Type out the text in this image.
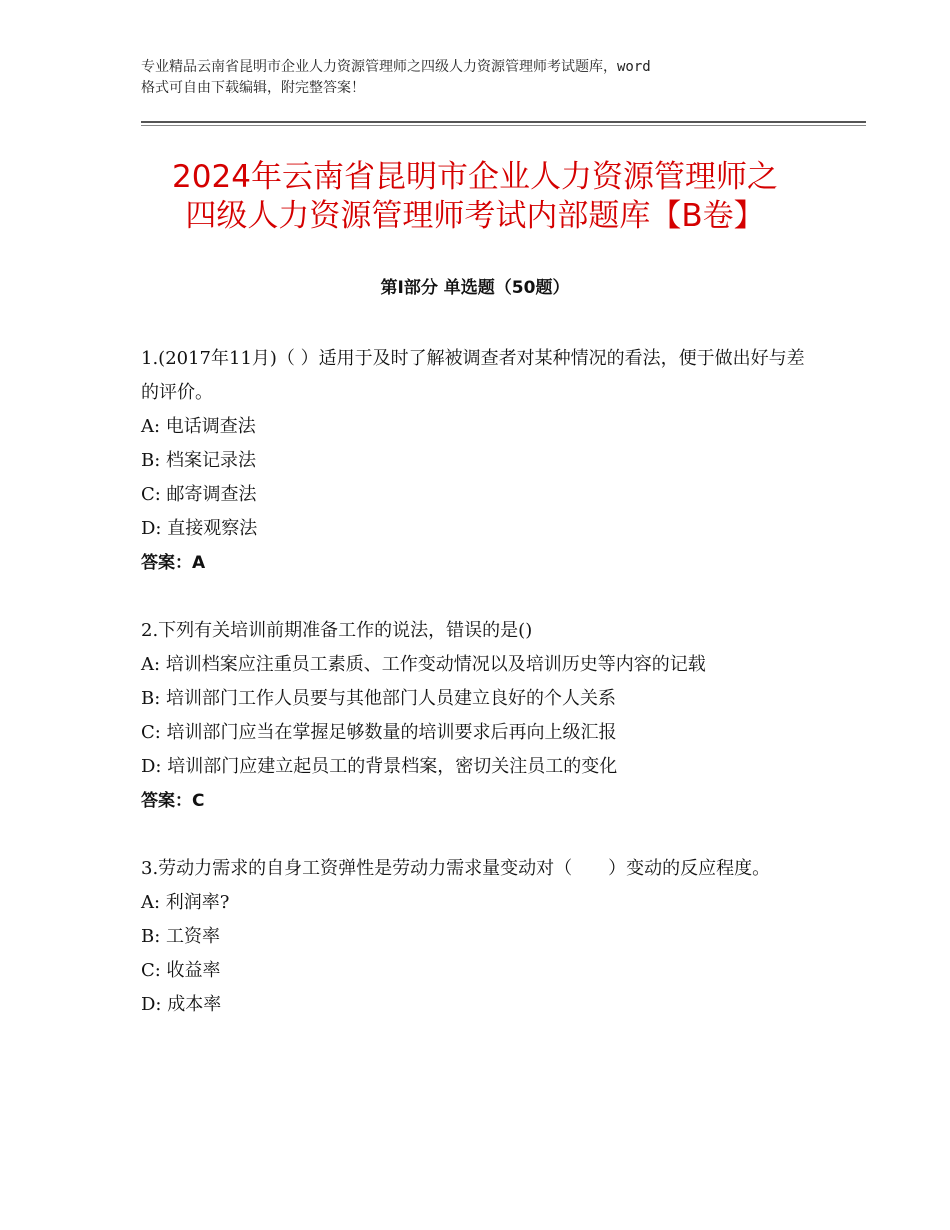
专业精品云南省昆明市企业人力资源管理师之四级人力资源管理师考试题库，word
格式可自由下载编辑，附完整答案！
2024年云南省昆明市企业人力资源管理师之
四级人力资源管理师考试内部题库【B卷】
第Ⅰ部分 单选题（50题）
1.(2017年11月)（ ）适用于及时了解被调查者对某种情况的看法，便于做出好与差的评价。
A: 电话调查法
B: 档案记录法
C: 邮寄调查法
D: 直接观察法
答案：A
2.下列有关培训前期准备工作的说法，错误的是()
A: 培训档案应注重员工素质、工作变动情况以及培训历史等内容的记载
B: 培训部门工作人员要与其他部门人员建立良好的个人关系
C: 培训部门应当在掌握足够数量的培训要求后再向上级汇报
D: 培训部门应建立起员工的背景档案，密切关注员工的变化
答案：C
3.劳动力需求的自身工资弹性是劳动力需求量变动对（　　）变动的反应程度。
A: 利润率?
B: 工资率
C: 收益率
D: 成本率
